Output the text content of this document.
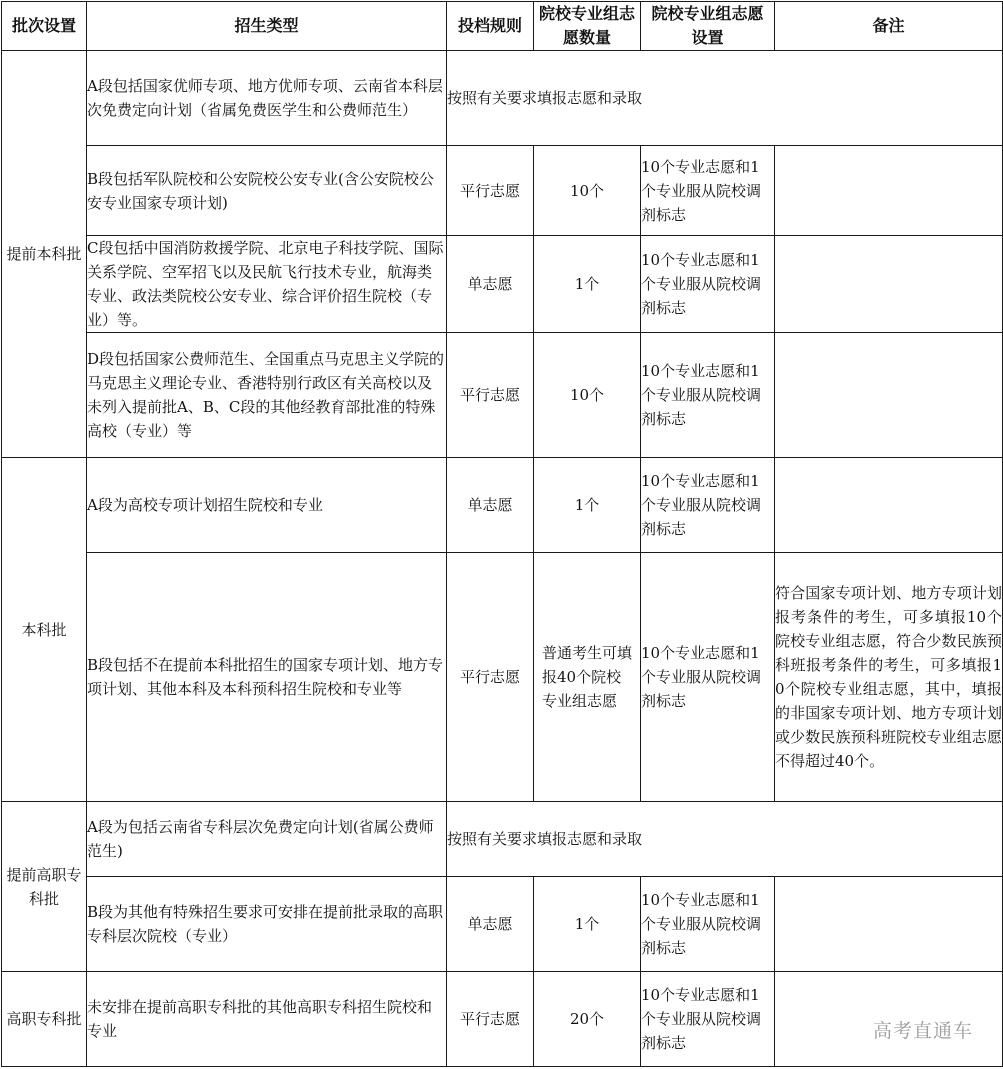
批次设置	招生类型	投档规则	院校专业组志愿数量	院校专业组志愿设置	备注
提前本科批	A段包括国家优师专项、地方优师专项、云南省本科层次免费定向计划（省属免费医学生和公费师范生）	按照有关要求填报志愿和录取			
	B段包括军队院校和公安院校公安专业(含公安院校公安专业国家专项计划)	平行志愿	10个	10个专业志愿和1个专业服从院校调剂标志	
	C段包括中国消防救援学院、北京电子科技学院、国际关系学院、空军招飞以及民航飞行技术专业，航海类专业、政法类院校公安专业、综合评价招生院校（专业）等。	单志愿	1个	10个专业志愿和1个专业服从院校调剂标志	
	D段包括国家公费师范生、全国重点马克思主义学院的马克思主义理论专业、香港特别行政区有关高校以及未列入提前批A、B、C段的其他经教育部批准的特殊高校（专业）等	平行志愿	10个	10个专业志愿和1个专业服从院校调剂标志	
本科批	A段为高校专项计划招生院校和专业	单志愿	1个	10个专业志愿和1个专业服从院校调剂标志	
	B段包括不在提前本科批招生的国家专项计划、地方专项计划、其他本科及本科预科招生院校和专业等	平行志愿	普通考生可填报40个院校专业组志愿	10个专业志愿和1个专业服从院校调剂标志	符合国家专项计划、地方专项计划报考条件的考生，可多填报10个院校专业组志愿，符合少数民族预科班报考条件的考生，可多填报10个院校专业组志愿，其中，填报的非国家专项计划、地方专项计划或少数民族预科班院校专业组志愿不得超过40个。
提前高职专科批	A段为包括云南省专科层次免费定向计划(省属公费师范生)	按照有关要求填报志愿和录取			
	B段为其他有特殊招生要求可安排在提前批录取的高职专科层次院校（专业）	单志愿	1个	10个专业志愿和1个专业服从院校调剂标志	
高职专科批	未安排在提前高职专科批的其他高职专科招生院校和专业	平行志愿	20个	10个专业志愿和1个专业服从院校调剂标志	
高考直通车
